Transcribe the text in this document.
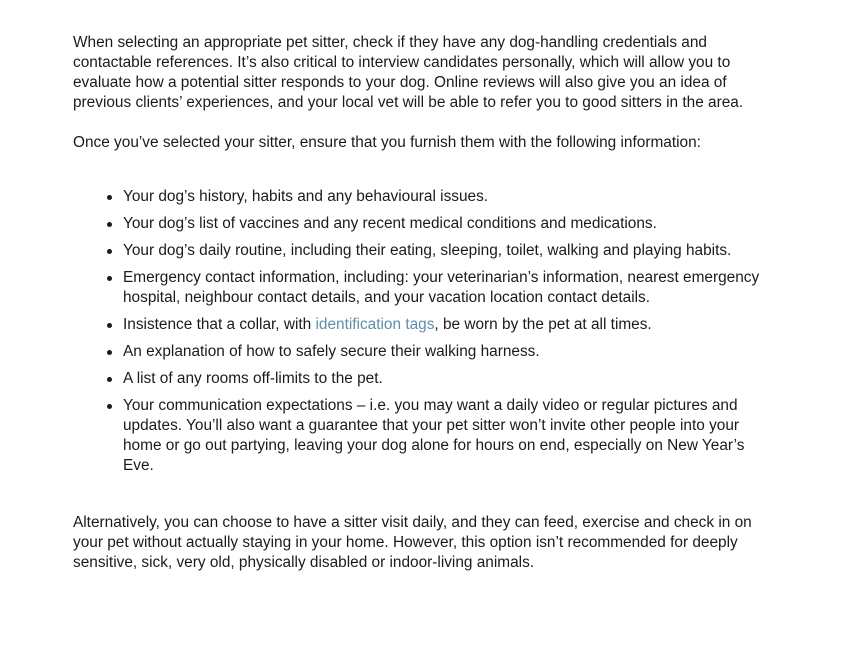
When selecting an appropriate pet sitter, check if they have any dog-handling credentials and contactable references. It’s also critical to interview candidates personally, which will allow you to evaluate how a potential sitter responds to your dog. Online reviews will also give you an idea of previous clients’ experiences, and your local vet will be able to refer you to good sitters in the area.

Once you’ve selected your sitter, ensure that you furnish them with the following information:

Your dog’s history, habits and any behavioural issues.
Your dog’s list of vaccines and any recent medical conditions and medications.
Your dog’s daily routine, including their eating, sleeping, toilet, walking and playing habits.
Emergency contact information, including: your veterinarian’s information, nearest emergency hospital, neighbour contact details, and your vacation location contact details.
Insistence that a collar, with identification tags, be worn by the pet at all times.
An explanation of how to safely secure their walking harness.
A list of any rooms off-limits to the pet.
Your communication expectations – i.e. you may want a daily video or regular pictures and updates. You’ll also want a guarantee that your pet sitter won’t invite other people into your home or go out partying, leaving your dog alone for hours on end, especially on New Year’s Eve.

Alternatively, you can choose to have a sitter visit daily, and they can feed, exercise and check in on your pet without actually staying in your home. However, this option isn’t recommended for deeply sensitive, sick, very old, physically disabled or indoor-living animals.
